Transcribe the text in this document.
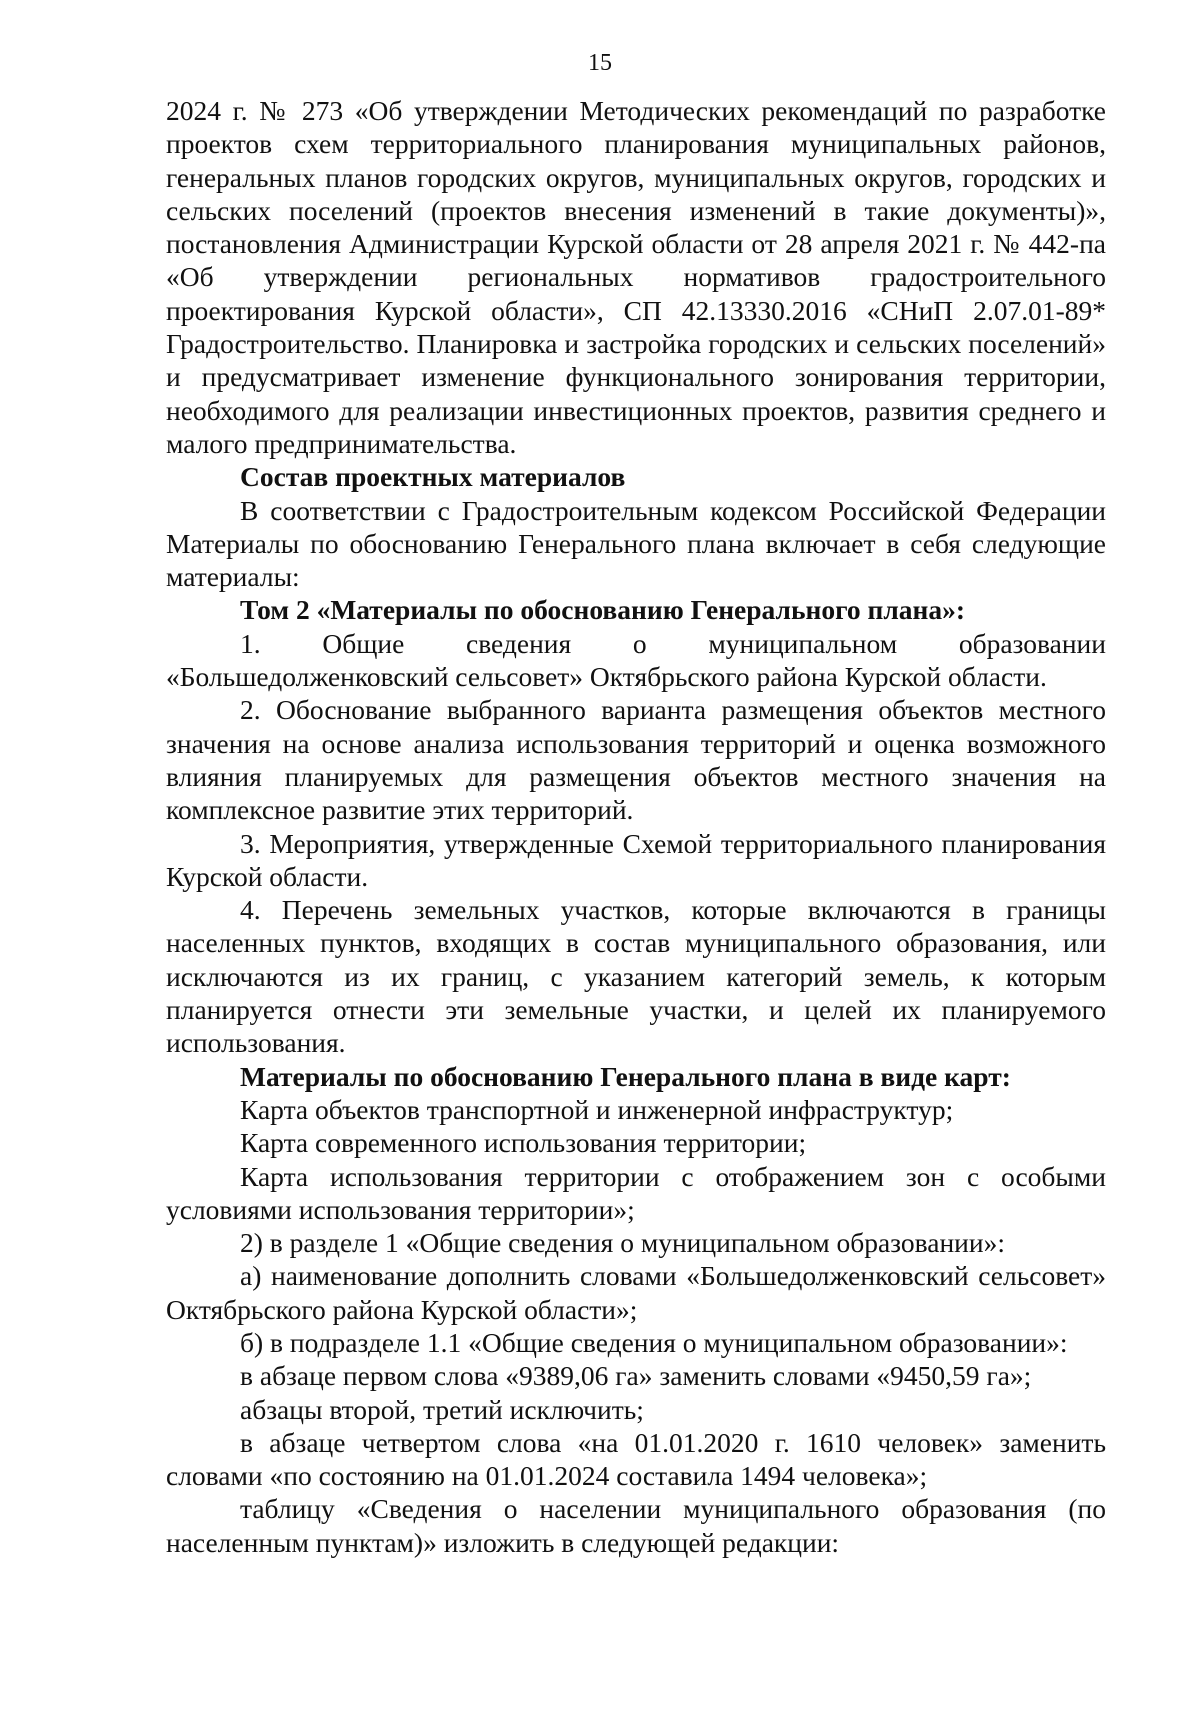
15

2024 г. № 273 «Об утверждении Методических рекомендаций по разработке проектов схем территориального планирования муниципальных районов, генеральных планов городских округов, муниципальных округов, городских и сельских поселений (проектов внесения изменений в такие документы)», постановления Администрации Курской области от 28 апреля 2021 г. № 442-па «Об утверждении региональных нормативов градостроительного проектирования Курской области», СП 42.13330.2016 «СНиП 2.07.01-89* Градостроительство. Планировка и застройка городских и сельских поселений» и предусматривает изменение функционального зонирования территории, необходимого для реализации инвестиционных проектов, развития среднего и малого предпринимательства.

Состав проектных материалов

В соответствии с Градостроительным кодексом Российской Федерации Материалы по обоснованию Генерального плана включает в себя следующие материалы:

Том 2 «Материалы по обоснованию Генерального плана»:

1. Общие сведения о муниципальном образовании «Большедолженковский сельсовет» Октябрьского района Курской области.

2. Обоснование выбранного варианта размещения объектов местного значения на основе анализа использования территорий и оценка возможного влияния планируемых для размещения объектов местного значения на комплексное развитие этих территорий.

3. Мероприятия, утвержденные Схемой территориального планирования Курской области.

4. Перечень земельных участков, которые включаются в границы населенных пунктов, входящих в состав муниципального образования, или исключаются из их границ, с указанием категорий земель, к которым планируется отнести эти земельные участки, и целей их планируемого использования.

Материалы по обоснованию Генерального плана в виде карт:

Карта объектов транспортной и инженерной инфраструктур;

Карта современного использования территории;

Карта использования территории с отображением зон с особыми условиями использования территории»;

2) в разделе 1 «Общие сведения о муниципальном образовании»:

а) наименование дополнить словами «Большедолженковский сельсовет» Октябрьского района Курской области»;

б) в подразделе 1.1 «Общие сведения о муниципальном образовании»:

в абзаце первом слова «9389,06 га» заменить словами «9450,59 га»;

абзацы второй, третий исключить;

в абзаце четвертом слова «на 01.01.2020 г. 1610 человек» заменить словами «по состоянию на 01.01.2024 составила 1494 человека»;

таблицу «Сведения о населении муниципального образования (по населенным пунктам)» изложить в следующей редакции:
